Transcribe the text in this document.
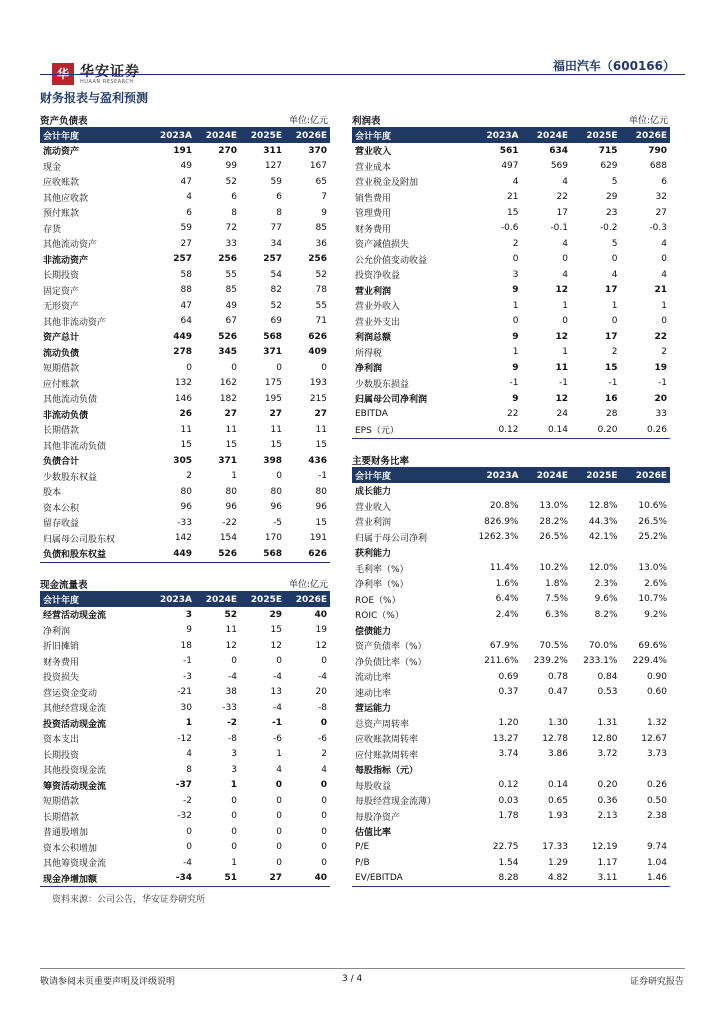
华 华安证券
HUAAN RESEARCH
福田汽车（600166）
财务报表与盈利预测
资产负债表	单位:亿元
会计年度	2023A	2024E	2025E	2026E
流动资产	191	270	311	370
现金	49	99	127	167
应收账款	47	52	59	65
其他应收款	4	6	6	7
预付账款	6	8	8	9
存货	59	72	77	85
其他流动资产	27	33	34	36
非流动资产	257	256	257	256
长期投资	58	55	54	52
固定资产	88	85	82	78
无形资产	47	49	52	55
其他非流动资产	64	67	69	71
资产总计	449	526	568	626
流动负债	278	345	371	409
短期借款	0	0	0	0
应付账款	132	162	175	193
其他流动负债	146	182	195	215
非流动负债	26	27	27	27
长期借款	11	11	11	11
其他非流动负债	15	15	15	15
负债合计	305	371	398	436
少数股东权益	2	1	0	-1
股本	80	80	80	80
资本公积	96	96	96	96
留存收益	-33	-22	-5	15
归属母公司股东权	142	154	170	191
负债和股东权益	449	526	568	626
现金流量表	单位:亿元
会计年度	2023A	2024E	2025E	2026E
经营活动现金流	3	52	29	40
净利润	9	11	15	19
折旧摊销	18	12	12	12
财务费用	-1	0	0	0
投资损失	-3	-4	-4	-4
营运资金变动	-21	38	13	20
其他经营现金流	30	-33	-4	-8
投资活动现金流	1	-2	-1	0
资本支出	-12	-8	-6	-6
长期投资	4	3	1	2
其他投资现金流	8	3	4	4
筹资活动现金流	-37	1	0	0
短期借款	-2	0	0	0
长期借款	-32	0	0	0
普通股增加	0	0	0	0
资本公积增加	0	0	0	0
其他筹资现金流	-4	1	0	0
现金净增加额	-34	51	27	40
利润表	单位:亿元
会计年度	2023A	2024E	2025E	2026E
营业收入	561	634	715	790
营业成本	497	569	629	688
营业税金及附加	4	4	5	6
销售费用	21	22	29	32
管理费用	15	17	23	27
财务费用	-0.6	-0.1	-0.2	-0.3
资产减值损失	2	4	5	4
公允价值变动收益	0	0	0	0
投资净收益	3	4	4	4
营业利润	9	12	17	21
营业外收入	1	1	1	1
营业外支出	0	0	0	0
利润总额	9	12	17	22
所得税	1	1	2	2
净利润	9	11	15	19
少数股东损益	-1	-1	-1	-1
归属母公司净利润	9	12	16	20
EBITDA	22	24	28	33
EPS（元）	0.12	0.14	0.20	0.26
主要财务比率
会计年度	2023A	2024E	2025E	2026E
成长能力				
营业收入	20.8%	13.0%	12.8%	10.6%
营业利润	826.9%	28.2%	44.3%	26.5%
归属于母公司净利	1262.3%	26.5%	42.1%	25.2%
获利能力				
毛利率（%）	11.4%	10.2%	12.0%	13.0%
净利率（%）	1.6%	1.8%	2.3%	2.6%
ROE（%）	6.4%	7.5%	9.6%	10.7%
ROIC（%）	2.4%	6.3%	8.2%	9.2%
偿债能力				
资产负债率（%）	67.9%	70.5%	70.0%	69.6%
净负债比率（%）	211.6%	239.2%	233.1%	229.4%
流动比率	0.69	0.78	0.84	0.90
速动比率	0.37	0.47	0.53	0.60
营运能力				
总资产周转率	1.20	1.30	1.31	1.32
应收账款周转率	13.27	12.78	12.80	12.67
应付账款周转率	3.74	3.86	3.72	3.73
每股指标（元）				
每股收益	0.12	0.14	0.20	0.26
每股经营现金流薄）	0.03	0.65	0.36	0.50
每股净资产	1.78	1.93	2.13	2.38
估值比率				
P/E	22.75	17.33	12.19	9.74
P/B	1.54	1.29	1.17	1.04
EV/EBITDA	8.28	4.82	3.11	1.46
资料来源：公司公告，华安证券研究所
敬请参阅末页重要声明及评级说明	3 / 4	证券研究报告
